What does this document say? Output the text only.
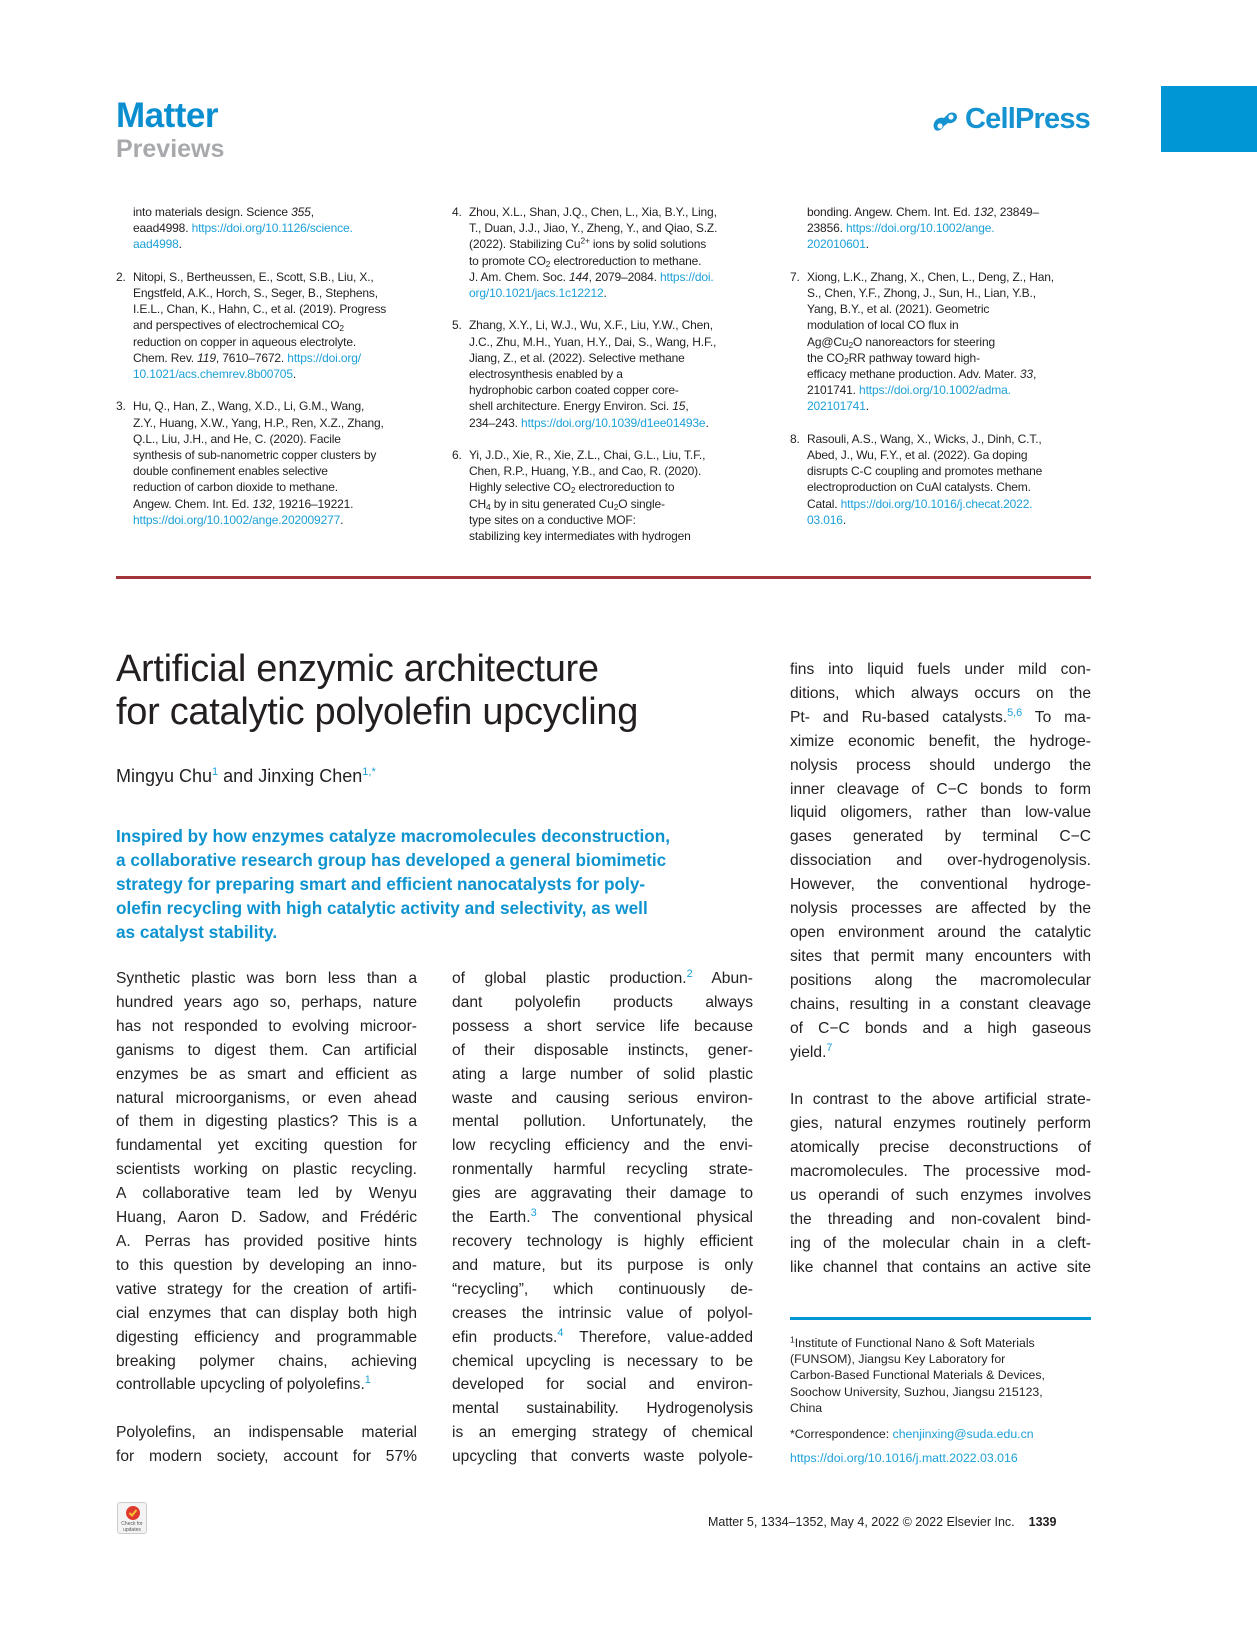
Matter
Previews
CellPress
into materials design. Science 355,
eaad4998. https://doi.org/10.1126/science.
aad4998.
2. Nitopi, S., Bertheussen, E., Scott, S.B., Liu, X.,
Engstfeld, A.K., Horch, S., Seger, B., Stephens,
I.E.L., Chan, K., Hahn, C., et al. (2019). Progress
and perspectives of electrochemical CO2
reduction on copper in aqueous electrolyte.
Chem. Rev. 119, 7610–7672. https://doi.org/
10.1021/acs.chemrev.8b00705.
3. Hu, Q., Han, Z., Wang, X.D., Li, G.M., Wang,
Z.Y., Huang, X.W., Yang, H.P., Ren, X.Z., Zhang,
Q.L., Liu, J.H., and He, C. (2020). Facile
synthesis of sub-nanometric copper clusters by
double confinement enables selective
reduction of carbon dioxide to methane.
Angew. Chem. Int. Ed. 132, 19216–19221.
https://doi.org/10.1002/ange.202009277.
4. Zhou, X.L., Shan, J.Q., Chen, L., Xia, B.Y., Ling,
T., Duan, J.J., Jiao, Y., Zheng, Y., and Qiao, S.Z.
(2022). Stabilizing $Cu^{2+}$ ions by solid solutions
to promote CO2 electroreduction to methane.
J. Am. Chem. Soc. 144, 2079–2084. https://doi.
org/10.1021/jacs.1c12212.
5. Zhang, X.Y., Li, W.J., Wu, X.F., Liu, Y.W., Chen,
J.C., Zhu, M.H., Yuan, H.Y., Dai, S., Wang, H.F.,
Jiang, Z., et al. (2022). Selective methane
electrosynthesis enabled by a
hydrophobic carbon coated copper core-
shell architecture. Energy Environ. Sci. 15,
234–243. https://doi.org/10.1039/d1ee01493e.
6. Yi, J.D., Xie, R., Xie, Z.L., Chai, G.L., Liu, T.F.,
Chen, R.P., Huang, Y.B., and Cao, R. (2020).
Highly selective CO2 electroreduction to
CH4 by in situ generated Cu2O single-
type sites on a conductive MOF:
stabilizing key intermediates with hydrogen
bonding. Angew. Chem. Int. Ed. 132, 23849–
23856. https://doi.org/10.1002/ange.
202010601.
7. Xiong, L.K., Zhang, X., Chen, L., Deng, Z., Han,
S., Chen, Y.F., Zhong, J., Sun, H., Lian, Y.B.,
Yang, B.Y., et al. (2021). Geometric
modulation of local CO flux in
Ag@Cu2O nanoreactors for steering
the CO2RR pathway toward high-
efficacy methane production. Adv. Mater. 33,
2101741. https://doi.org/10.1002/adma.
202101741.
8. Rasouli, A.S., Wang, X., Wicks, J., Dinh, C.T.,
Abed, J., Wu, F.Y., et al. (2022). Ga doping
disrupts C-C coupling and promotes methane
electroproduction on CuAl catalysts. Chem.
Catal. https://doi.org/10.1016/j.checat.2022.
03.016.
Artificial enzymic architecture
for catalytic polyolefin upcycling
Mingyu Chu$^1$ and Jinxing Chen$^{1,*}$
Inspired by how enzymes catalyze macromolecules deconstruction,
a collaborative research group has developed a general biomimetic
strategy for preparing smart and efficient nanocatalysts for poly-
olefin recycling with high catalytic activity and selectivity, as well
as catalyst stability.
Synthetic plastic was born less than a
hundred years ago so, perhaps, nature
has not responded to evolving microor-
ganisms to digest them. Can artificial
enzymes be as smart and efficient as
natural microorganisms, or even ahead
of them in digesting plastics? This is a
fundamental yet exciting question for
scientists working on plastic recycling.
A collaborative team led by Wenyu
Huang, Aaron D. Sadow, and Frédéric
A. Perras has provided positive hints
to this question by developing an inno-
vative strategy for the creation of artifi-
cial enzymes that can display both high
digesting efficiency and programmable
breaking polymer chains, achieving
controllable upcycling of polyolefins.$^1$
Polyolefins, an indispensable material
for modern society, account for 57%
of global plastic production.$^2$ Abun-
dant polyolefin products always
possess a short service life because
of their disposable instincts, gener-
ating a large number of solid plastic
waste and causing serious environ-
mental pollution. Unfortunately, the
low recycling efficiency and the envi-
ronmentally harmful recycling strate-
gies are aggravating their damage to
the Earth.$^3$ The conventional physical
recovery technology is highly efficient
and mature, but its purpose is only
“recycling”, which continuously de-
creases the intrinsic value of polyol-
efin products.$^4$ Therefore, value-added
chemical upcycling is necessary to be
developed for social and environ-
mental sustainability. Hydrogenolysis
is an emerging strategy of chemical
upcycling that converts waste polyole-
fins into liquid fuels under mild con-
ditions, which always occurs on the
Pt- and Ru-based catalysts.$^{5,6}$ To ma-
ximize economic benefit, the hydroge-
nolysis process should undergo the
inner cleavage of C−C bonds to form
liquid oligomers, rather than low-value
gases generated by terminal C−C
dissociation and over-hydrogenolysis.
However, the conventional hydroge-
nolysis processes are affected by the
open environment around the catalytic
sites that permit many encounters with
positions along the macromolecular
chains, resulting in a constant cleavage
of C−C bonds and a high gaseous
yield.$^7$
In contrast to the above artificial strate-
gies, natural enzymes routinely perform
atomically precise deconstructions of
macromolecules. The processive mod-
us operandi of such enzymes involves
the threading and non-covalent bind-
ing of the molecular chain in a cleft-
like channel that contains an active site
$^1$Institute of Functional Nano & Soft Materials
(FUNSOM), Jiangsu Key Laboratory for
Carbon-Based Functional Materials & Devices,
Soochow University, Suzhou, Jiangsu 215123,
China
*Correspondence: chenjinxing@suda.edu.cn
https://doi.org/10.1016/j.matt.2022.03.016
Check for updates
Matter 5, 1334–1352, May 4, 2022 © 2022 Elsevier Inc. 1339
